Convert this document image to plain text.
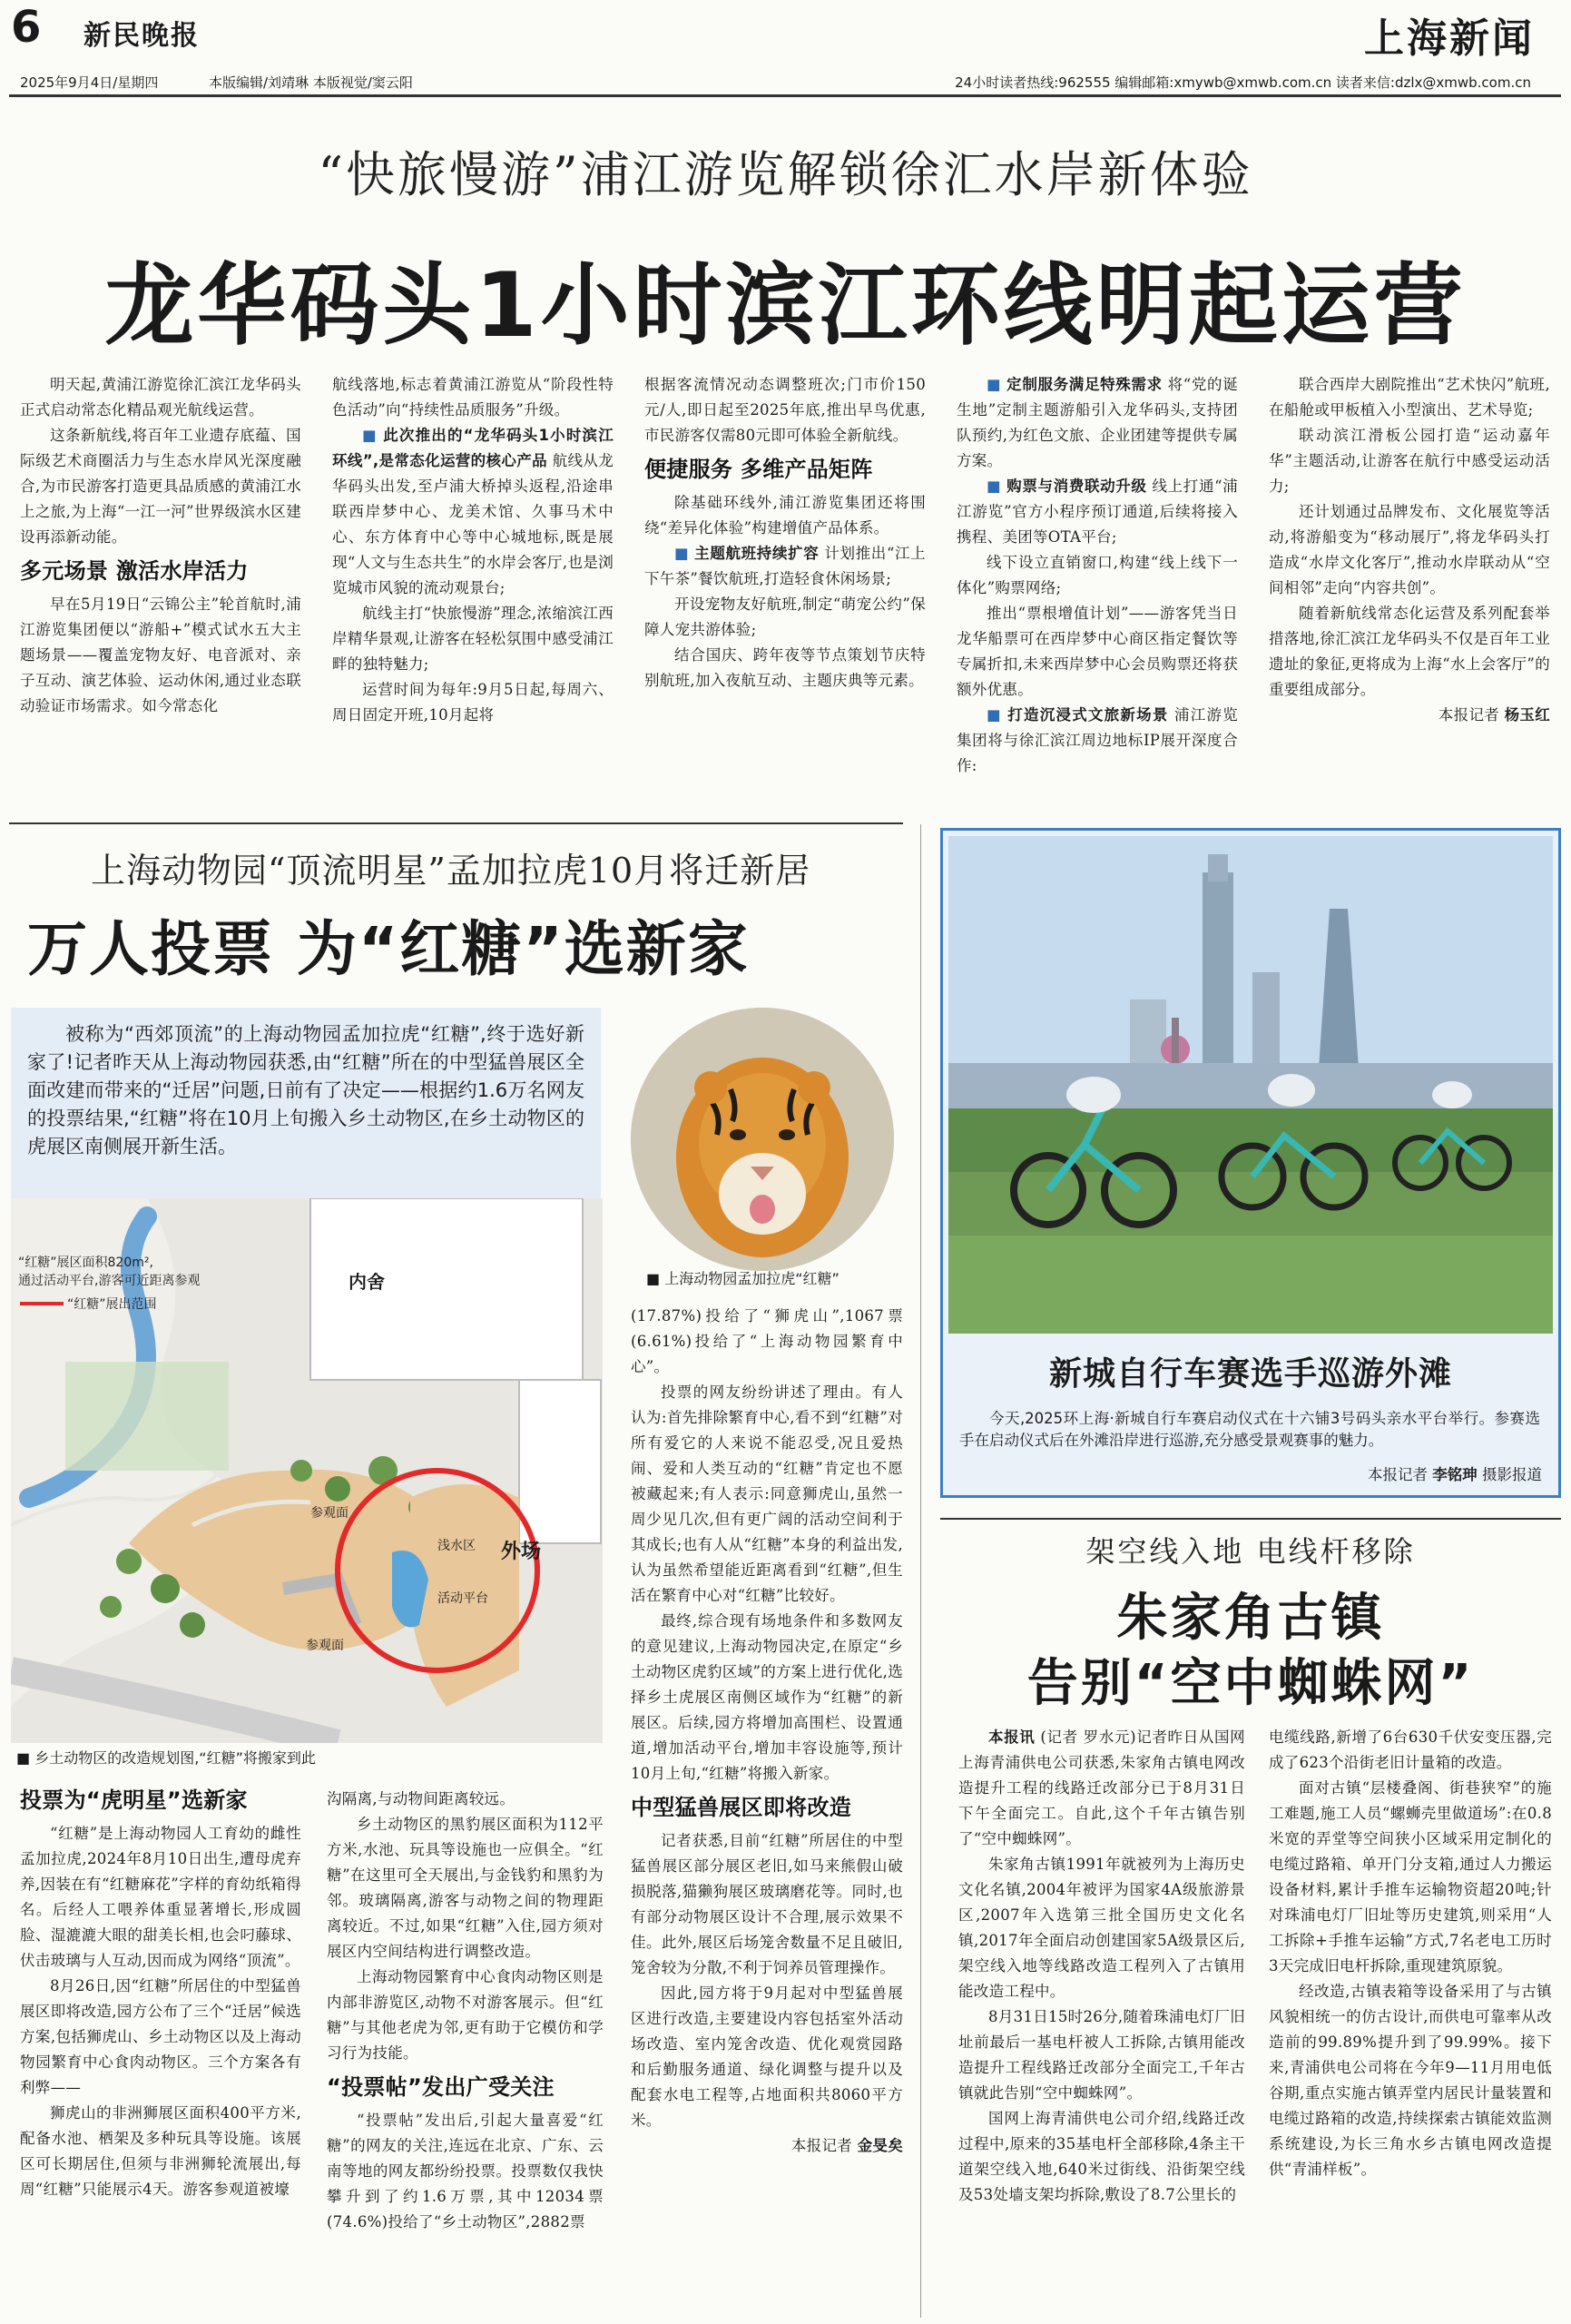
6 新民晚报	上海新闻
2025年9月4日/星期四	本版编辑/刘靖琳 本版视觉/窦云阳	24小时读者热线:962555 编辑邮箱:xmywb@xmwb.com.cn 读者来信:dzlx@xmwb.com.cn
“快旅慢游”浦江游览解锁徐汇水岸新体验
龙华码头1小时滨江环线明起运营

明天起,黄浦江游览徐汇滨江龙华码头正式启动常态化精品观光航线运营。

这条新航线,将百年工业遗存底蕴、国际级艺术商圈活力与生态水岸风光深度融合,为市民游客打造更具品质感的黄浦江水上之旅,为上海“一江一河”世界级滨水区建设再添新动能。

多元场景 激活水岸活力

早在5月19日“云锦公主”轮首航时,浦江游览集团便以“游船+”模式试水五大主题场景——覆盖宠物友好、电音派对、亲子互动、演艺体验、运动休闲,通过业态联动验证市场需求。如今常态化

航线落地,标志着黄浦江游览从“阶段性特色活动”向“持续性品质服务”升级。

■ 此次推出的“龙华码头1小时滨江环线”,是常态化运营的核心产品 航线从龙华码头出发,至卢浦大桥掉头返程,沿途串联西岸梦中心、龙美术馆、久事马术中心、东方体育中心等中心城地标,既是展现“人文与生态共生”的水岸会客厅,也是浏览城市风貌的流动观景台;

航线主打“快旅慢游”理念,浓缩滨江西岸精华景观,让游客在轻松氛围中感受浦江畔的独特魅力;

运营时间为每年:9月5日起,每周六、周日固定开班,10月起将

根据客流情况动态调整班次;门市价150元/人,即日起至2025年底,推出早鸟优惠,市民游客仅需80元即可体验全新航线。

便捷服务 多维产品矩阵

除基础环线外,浦江游览集团还将围绕“差异化体验”构建增值产品体系。

■ 主题航班持续扩容 计划推出“江上下午茶”餐饮航班,打造轻食休闲场景;

开设宠物友好航班,制定“萌宠公约”保障人宠共游体验;

结合国庆、跨年夜等节点策划节庆特别航班,加入夜航互动、主题庆典等元素。

■ 定制服务满足特殊需求 将“党的诞生地”定制主题游船引入龙华码头,支持团队预约,为红色文旅、企业团建等提供专属方案。

■ 购票与消费联动升级 线上打通“浦江游览”官方小程序预订通道,后续将接入携程、美团等OTA平台;

线下设立直销窗口,构建“线上线下一体化”购票网络;

推出“票根增值计划”——游客凭当日龙华船票可在西岸梦中心商区指定餐饮等专属折扣,未来西岸梦中心会员购票还将获额外优惠。

■ 打造沉浸式文旅新场景 浦江游览集团将与徐汇滨江周边地标IP展开深度合作:

联合西岸大剧院推出“艺术快闪”航班,在船舱或甲板植入小型演出、艺术导览;

联动滨江滑板公园打造“运动嘉年华”主题活动,让游客在航行中感受运动活力;

还计划通过品牌发布、文化展览等活动,将游船变为“移动展厅”,将龙华码头打造成“水岸文化客厅”,推动水岸联动从“空间相邻”走向“内容共创”。

随着新航线常态化运营及系列配套举措落地,徐汇滨江龙华码头不仅是百年工业遗址的象征,更将成为上海“水上会客厅”的重要组成部分。

本报记者 杨玉红

上海动物园“顶流明星”孟加拉虎10月将迁新居
万人投票 为“红糖”选新家

被称为“西郊顶流”的上海动物园孟加拉虎“红糖”,终于选好新家了!记者昨天从上海动物园获悉,由“红糖”所在的中型猛兽展区全面改建而带来的“迁居”问题,日前有了决定——根据约1.6万名网友的投票结果,“红糖”将在10月上旬搬入乡土动物区,在乡土动物区的虎展区南侧展开新生活。

■ 上海动物园孟加拉虎“红糖”
“红糖”展区面积820m²,
通过活动平台,游客可近距离参观
“红糖”展出范围
内舍
外场
参观面
参观面
浅水区
活动平台
■ 乡土动物区的改造规划图,“红糖”将搬家到此

投票为“虎明星”选新家

“红糖”是上海动物园人工育幼的雌性孟加拉虎,2024年8月10日出生,遭母虎弃养,因装在有“红糖麻花”字样的育幼纸箱得名。后经人工喂养体重显著增长,形成圆脸、湿漉漉大眼的甜美长相,也会叼藤球、伏击玻璃与人互动,因而成为网络“顶流”。

8月26日,因“红糖”所居住的中型猛兽展区即将改造,园方公布了三个“迁居”候选方案,包括狮虎山、乡土动物区以及上海动物园繁育中心食肉动物区。三个方案各有利弊——

狮虎山的非洲狮展区面积400平方米,配备水池、栖架及多种玩具等设施。该展区可长期居住,但须与非洲狮轮流展出,每周“红糖”只能展示4天。游客参观道被壕

沟隔离,与动物间距离较远。

乡土动物区的黑豹展区面积为112平方米,水池、玩具等设施也一应俱全。“红糖”在这里可全天展出,与金钱豹和黑豹为邻。玻璃隔离,游客与动物之间的物理距离较近。不过,如果“红糖”入住,园方须对展区内空间结构进行调整改造。

上海动物园繁育中心食肉动物区则是内部非游览区,动物不对游客展示。但“红糖”与其他老虎为邻,更有助于它模仿和学习行为技能。

“投票帖”发出广受关注

“投票帖”发出后,引起大量喜爱“红糖”的网友的关注,连远在北京、广东、云南等地的网友都纷纷投票。投票数仅我快攀升到了约1.6万票,其中12034票(74.6%)投给了“乡土动物区”,2882票

(17.87%)投给了“狮虎山”,1067票(6.61%)投给了“上海动物园繁育中心”。

投票的网友纷纷讲述了理由。有人认为:首先排除繁育中心,看不到“红糖”对所有爱它的人来说不能忍受,况且爱热闹、爱和人类互动的“红糖”肯定也不愿被藏起来;有人表示:同意狮虎山,虽然一周少见几次,但有更广阔的活动空间利于其成长;也有人从“红糖”本身的利益出发,认为虽然希望能近距离看到“红糖”,但生活在繁育中心对“红糖”比较好。

最终,综合现有场地条件和多数网友的意见建议,上海动物园决定,在原定“乡土动物区虎豹区域”的方案上进行优化,选择乡土虎展区南侧区域作为“红糖”的新展区。后续,园方将增加高围栏、设置通道,增加活动平台,增加丰容设施等,预计10月上旬,“红糖”将搬入新家。

中型猛兽展区即将改造

记者获悉,目前“红糖”所居住的中型猛兽展区部分展区老旧,如马来熊假山破损脱落,猫獭狗展区玻璃磨花等。同时,也有部分动物展区设计不合理,展示效果不佳。此外,展区后场笼舍数量不足且破旧,笼舍较为分散,不利于饲养员管理操作。

因此,园方将于9月起对中型猛兽展区进行改造,主要建设内容包括室外活动场改造、室内笼舍改造、优化观赏园路和后勤服务通道、绿化调整与提升以及配套水电工程等,占地面积共8060平方米。

本报记者 金旻矣

新城自行车赛选手巡游外滩

今天,2025环上海·新城自行车赛启动仪式在十六铺3号码头亲水平台举行。参赛选手在启动仪式后在外滩沿岸进行巡游,充分感受景观赛事的魅力。

本报记者 李铭珅 摄影报道
架空线入地 电线杆移除
朱家角古镇
告别“空中蜘蛛网”

本报讯 (记者 罗水元)记者昨日从国网上海青浦供电公司获悉,朱家角古镇电网改造提升工程的线路迁改部分已于8月31日下午全面完工。自此,这个千年古镇告别了“空中蜘蛛网”。

朱家角古镇1991年就被列为上海历史文化名镇,2004年被评为国家4A级旅游景区,2007年入选第三批全国历史文化名镇,2017年全面启动创建国家5A级景区后,架空线入地等线路改造工程列入了古镇用能改造工程中。

8月31日15时26分,随着珠浦电灯厂旧址前最后一基电杆被人工拆除,古镇用能改造提升工程线路迁改部分全面完工,千年古镇就此告别“空中蜘蛛网”。

国网上海青浦供电公司介绍,线路迁改过程中,原来的35基电杆全部移除,4条主干道架空线入地,640米过街线、沿街架空线及53处墙支架均拆除,敷设了8.7公里长的

电缆线路,新增了6台630千伏安变压器,完成了623个沿街老旧计量箱的改造。

面对古镇“层楼叠阁、街巷狭窄”的施工难题,施工人员“螺蛳壳里做道场”:在0.8米宽的弄堂等空间狭小区域采用定制化的电缆过路箱、单开门分支箱,通过人力搬运设备材料,累计手推车运输物资超20吨;针对珠浦电灯厂旧址等历史建筑,则采用“人工拆除+手推车运输”方式,7名老电工历时3天完成旧电杆拆除,重现建筑原貌。

经改造,古镇表箱等设备采用了与古镇风貌相统一的仿古设计,而供电可靠率从改造前的99.89%提升到了99.99%。接下来,青浦供电公司将在今年9—11月用电低谷期,重点实施古镇弄堂内居民计量装置和电缆过路箱的改造,持续探索古镇能效监测系统建设,为长三角水乡古镇电网改造提供“青浦样板”。
